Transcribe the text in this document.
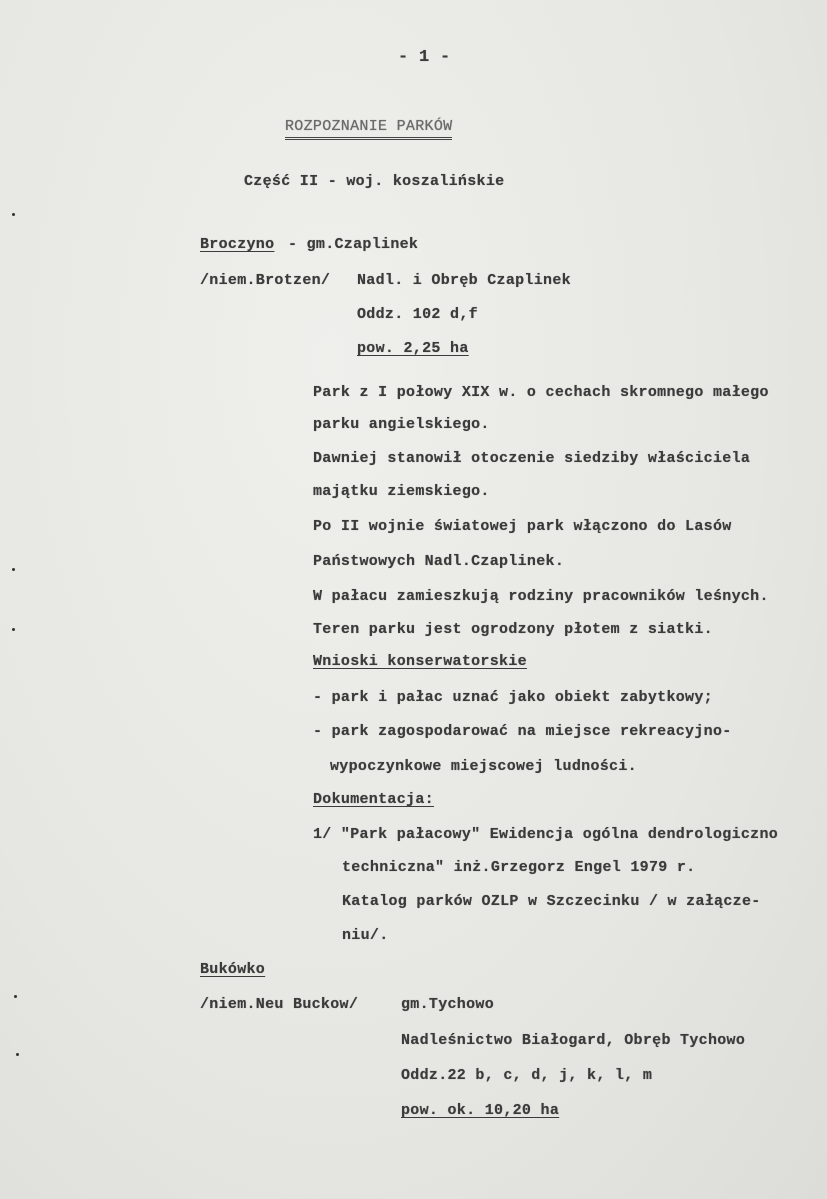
- 1 -
ROZPOZNANIE PARKÓW
Część II - woj. koszalińskie
Broczyno - gm.Czaplinek
/niem.Brotzen/ Nadl. i Obręb Czaplinek
Oddz. 102 d,f
pow. 2,25 ha
Park z I połowy XIX w. o cechach skromnego małego
parku angielskiego.
Dawniej stanowił otoczenie siedziby właściciela
majątku ziemskiego.
Po II wojnie światowej park włączono do Lasów
Państwowych Nadl.Czaplinek.
W pałacu zamieszkują rodziny pracowników leśnych.
Teren parku jest ogrodzony płotem z siatki.
Wnioski konserwatorskie
- park i pałac uznać jako obiekt zabytkowy;
- park zagospodarować na miejsce rekreacyjno-
wypoczynkowe miejscowej ludności.
Dokumentacja:
1/ "Park pałacowy" Ewidencja ogólna dendrologiczno
techniczna" inż.Grzegorz Engel 1979 r.
Katalog parków OZLP w Szczecinku / w załącze-
niu/.
Bukówko
/niem.Neu Buckow/	gm.Tychowo
Nadleśnictwo Białogard, Obręb Tychowo
Oddz.22 b, c, d, j, k, l, m
pow. ok. 10,20 ha
